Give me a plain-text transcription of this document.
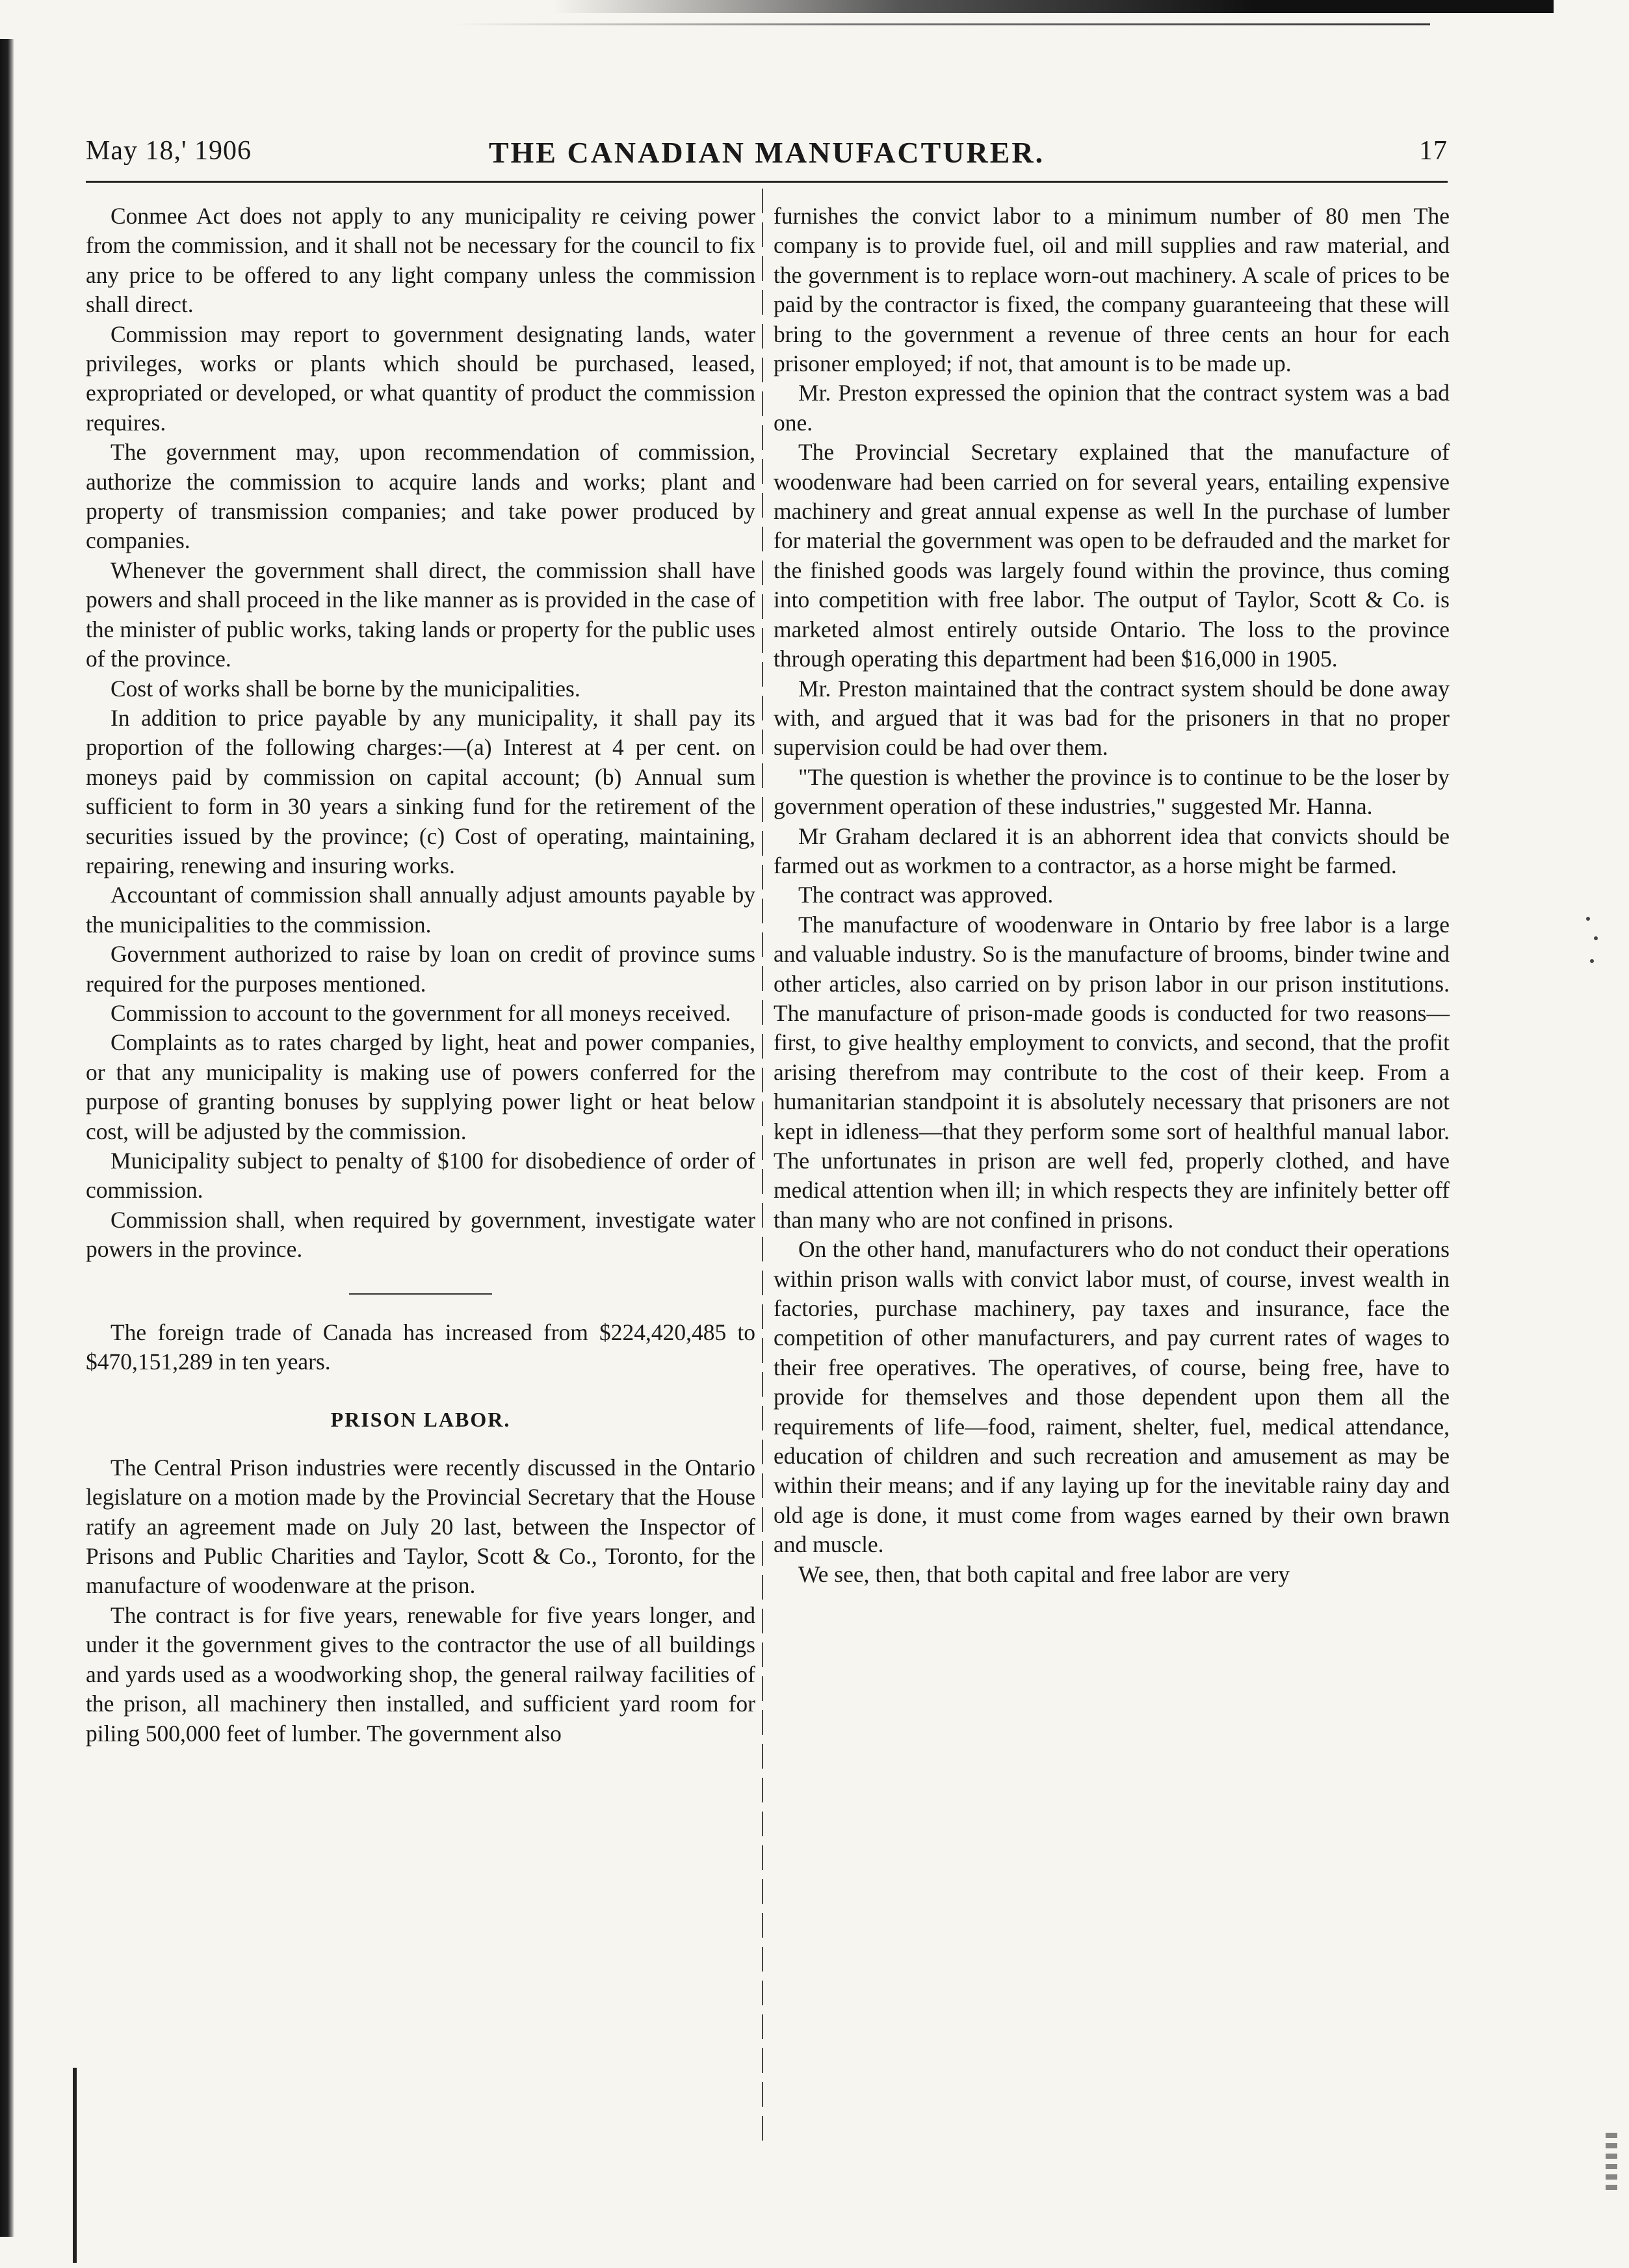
May 18,' 1906	THE CANADIAN MANUFACTURER.	17

Conmee Act does not apply to any municipality re ceiving power from the commission, and it shall not be necessary for the council to fix any price to be offered to any light company unless the commission shall direct.

Commission may report to government designating lands, water privileges, works or plants which should be purchased, leased, expropriated or developed, or what quantity of product the commission requires.

The government may, upon recommendation of commission, authorize the commission to acquire lands and works; plant and property of transmission companies; and take power produced by companies.

Whenever the government shall direct, the commission shall have powers and shall proceed in the like manner as is provided in the case of the minister of public works, taking lands or property for the public uses of the province.

Cost of works shall be borne by the municipalities.

In addition to price payable by any municipality, it shall pay its proportion of the following charges:—(a) Interest at 4 per cent. on moneys paid by commission on capital account; (b) Annual sum sufficient to form in 30 years a sinking fund for the retirement of the securities issued by the province; (c) Cost of operating, maintaining, repairing, renewing and insuring works.

Accountant of commission shall annually adjust amounts payable by the municipalities to the commission.

Government authorized to raise by loan on credit of province sums required for the purposes mentioned.

Commission to account to the government for all moneys received.

Complaints as to rates charged by light, heat and power companies, or that any municipality is making use of powers conferred for the purpose of granting bonuses by supplying power light or heat below cost, will be adjusted by the commission.

Municipality subject to penalty of $100 for disobedience of order of commission.

Commission shall, when required by government, investigate water powers in the province.

The foreign trade of Canada has increased from $224,420,485 to $470,151,289 in ten years.

PRISON LABOR.

The Central Prison industries were recently discussed in the Ontario legislature on a motion made by the Provincial Secretary that the House ratify an agreement made on July 20 last, between the Inspector of Prisons and Public Charities and Taylor, Scott & Co., Toronto, for the manufacture of woodenware at the prison.

The contract is for five years, renewable for five years longer, and under it the government gives to the contractor the use of all buildings and yards used as a woodworking shop, the general railway facilities of the prison, all machinery then installed, and sufficient yard room for piling 500,000 feet of lumber. The government also

furnishes the convict labor to a minimum number of 80 men The company is to provide fuel, oil and mill supplies and raw material, and the government is to replace worn-out machinery. A scale of prices to be paid by the contractor is fixed, the company guaranteeing that these will bring to the government a revenue of three cents an hour for each prisoner employed; if not, that amount is to be made up.

Mr. Preston expressed the opinion that the contract system was a bad one.

The Provincial Secretary explained that the manufacture of woodenware had been carried on for several years, entailing expensive machinery and great annual expense as well In the purchase of lumber for material the government was open to be defrauded and the market for the finished goods was largely found within the province, thus coming into competition with free labor. The output of Taylor, Scott & Co. is marketed almost entirely outside Ontario. The loss to the province through operating this department had been $16,000 in 1905.

Mr. Preston maintained that the contract system should be done away with, and argued that it was bad for the prisoners in that no proper supervision could be had over them.

"The question is whether the province is to continue to be the loser by government operation of these industries," suggested Mr. Hanna.

Mr Graham declared it is an abhorrent idea that convicts should be farmed out as workmen to a contractor, as a horse might be farmed.

The contract was approved.

The manufacture of woodenware in Ontario by free labor is a large and valuable industry. So is the manufacture of brooms, binder twine and other articles, also carried on by prison labor in our prison institutions. The manufacture of prison-made goods is conducted for two reasons—first, to give healthy employment to convicts, and second, that the profit arising therefrom may contribute to the cost of their keep. From a humanitarian standpoint it is absolutely necessary that prisoners are not kept in idleness—that they perform some sort of healthful manual labor. The unfortunates in prison are well fed, properly clothed, and have medical attention when ill; in which respects they are infinitely better off than many who are not confined in prisons.

On the other hand, manufacturers who do not conduct their operations within prison walls with convict labor must, of course, invest wealth in factories, purchase machinery, pay taxes and insurance, face the competition of other manufacturers, and pay current rates of wages to their free operatives. The operatives, of course, being free, have to provide for themselves and those dependent upon them all the requirements of life—food, raiment, shelter, fuel, medical attendance, education of children and such recreation and amusement as may be within their means; and if any laying up for the inevitable rainy day and old age is done, it must come from wages earned by their own brawn and muscle.

We see, then, that both capital and free labor are very
